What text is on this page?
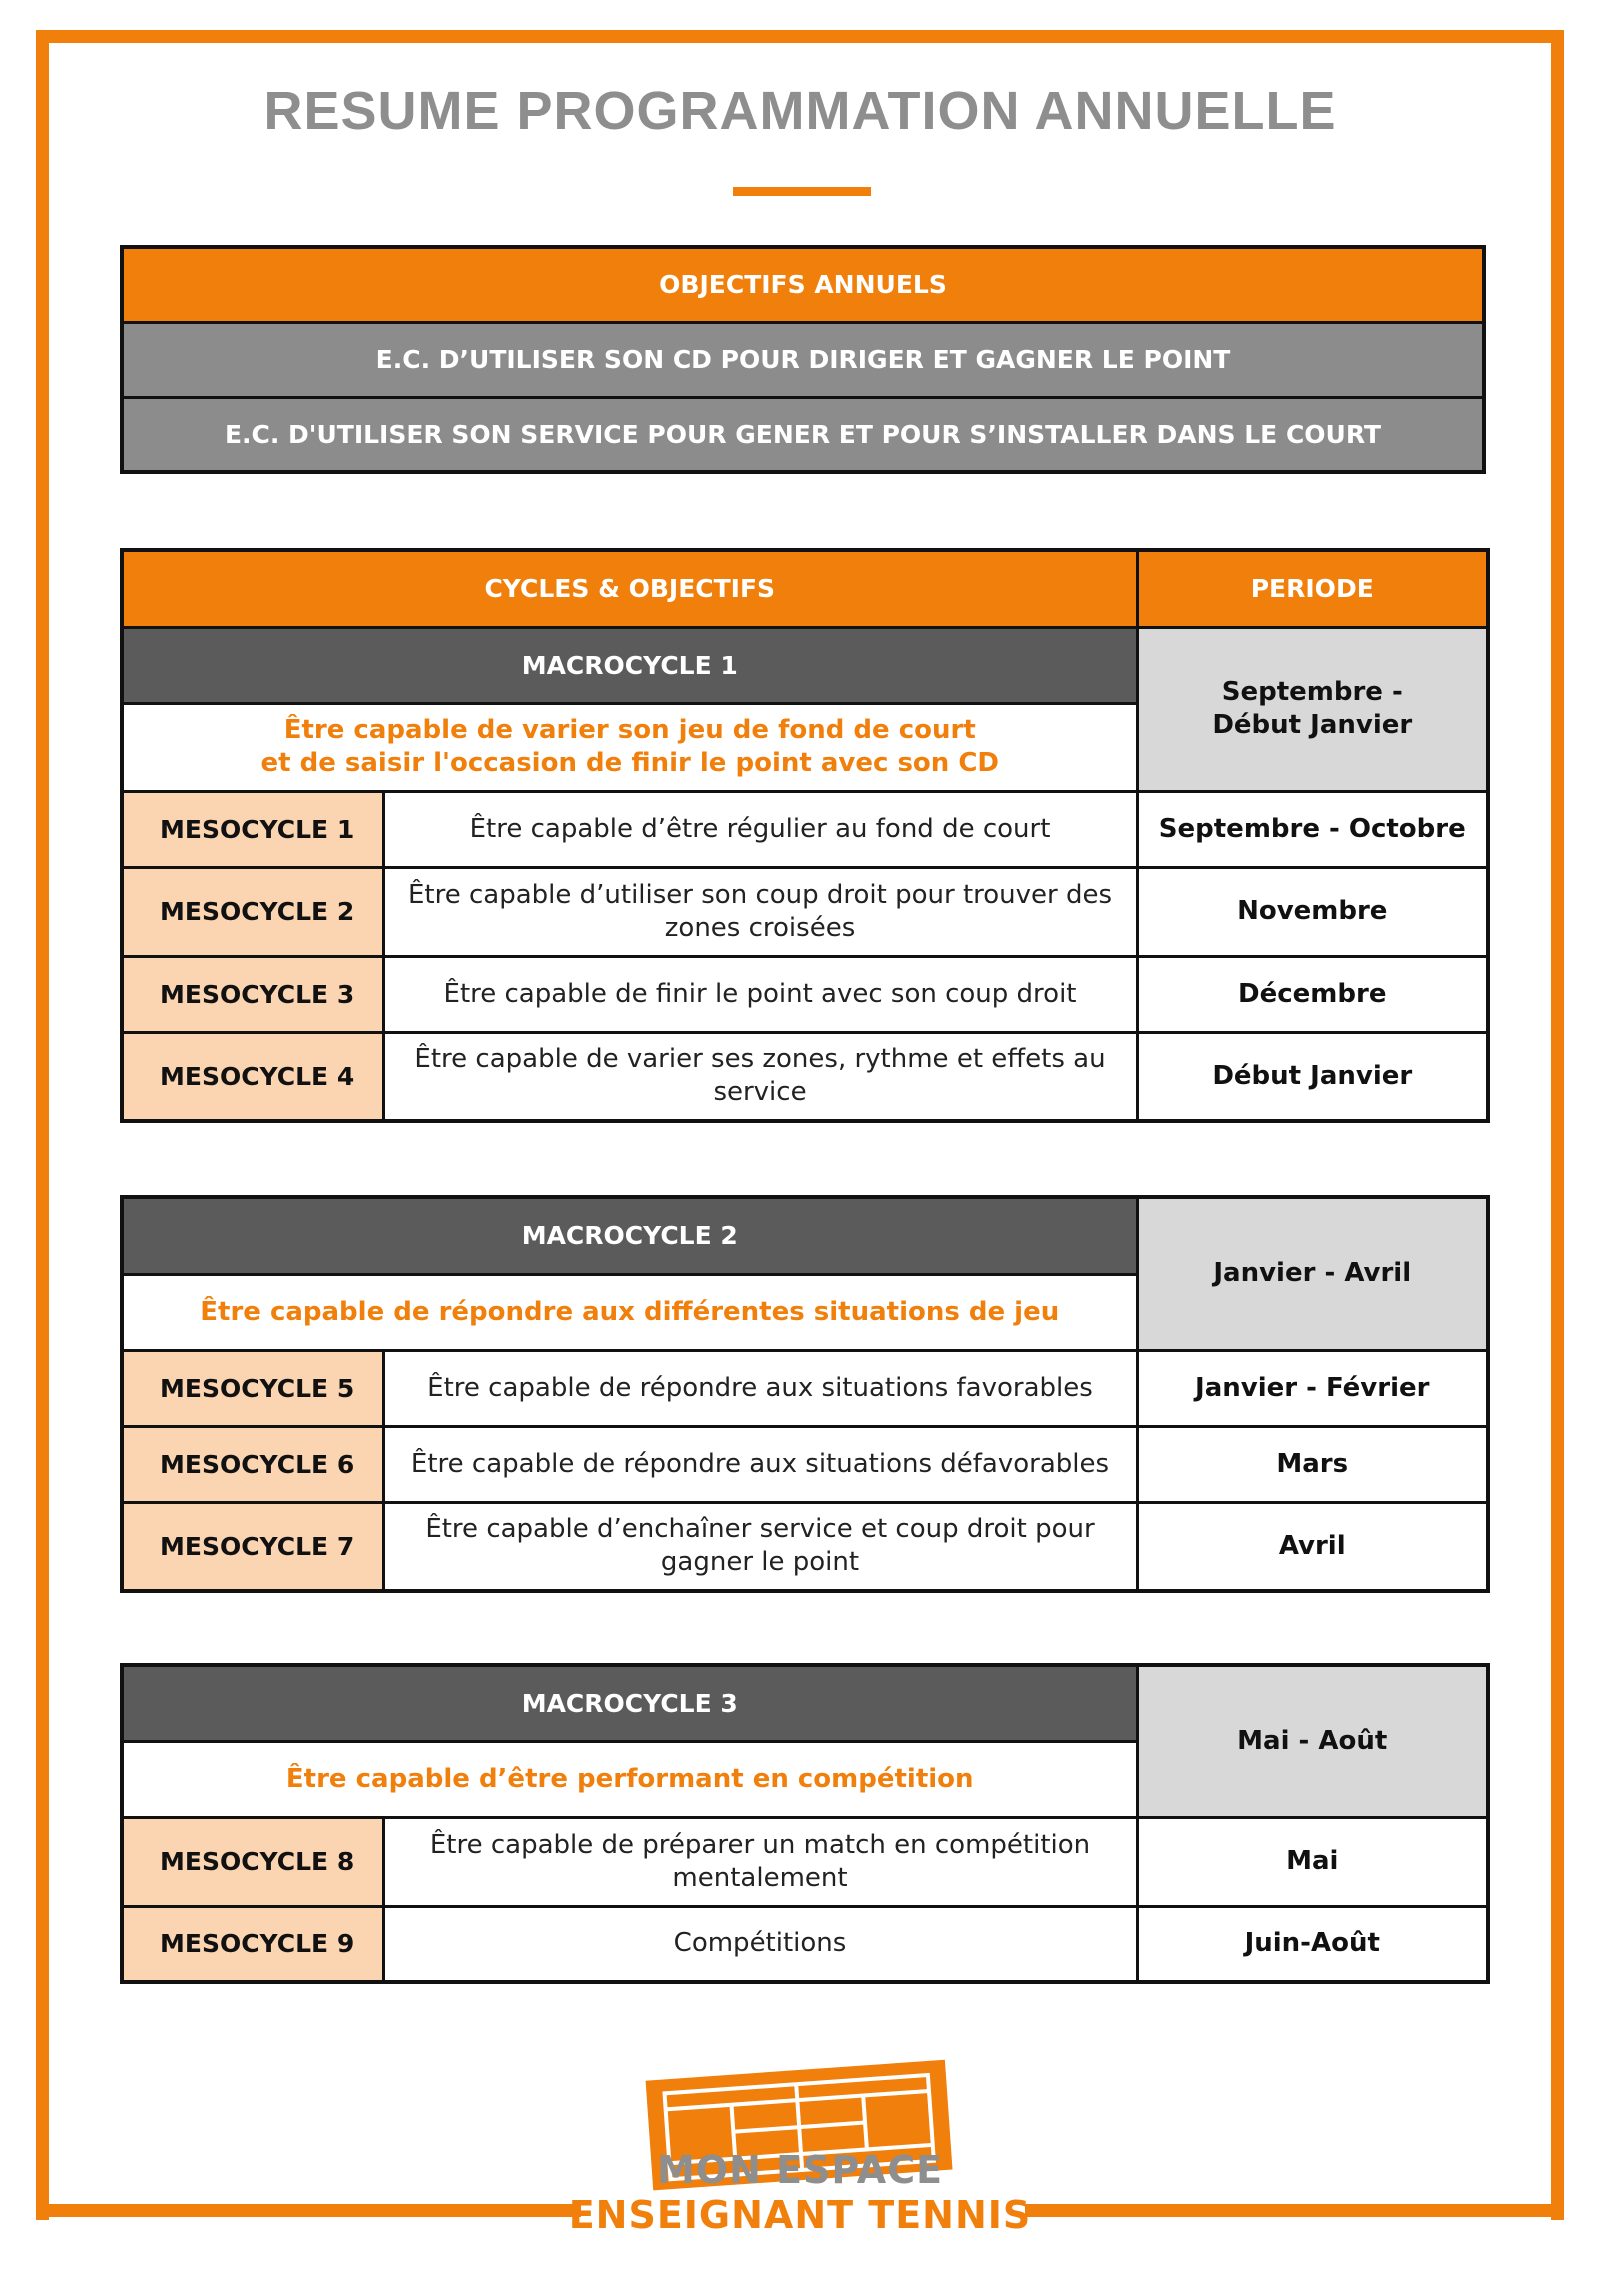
RESUME PROGRAMMATION ANNUELLE
OBJECTIFS ANNUELS
E.C. D’UTILISER SON CD POUR DIRIGER ET GAGNER LE POINT
E.C. D'UTILISER SON SERVICE POUR GENER ET POUR S’INSTALLER DANS LE COURT
CYCLES & OBJECTIFS		PERIODE
MACROCYCLE 1		Septembre -
Début Janvier

Être capable de varier son jeu de fond de court
et de saisir l'occasion de finir le point avec son CD		

MESOCYCLE 1	Être capable d’être régulier au fond de court	Septembre - Octobre
MESOCYCLE 2	Être capable d’utiliser son coup droit pour trouver des zones croisées	Novembre
MESOCYCLE 3	Être capable de finir le point avec son coup droit	Décembre
MESOCYCLE 4	Être capable de varier ses zones, rythme et effets au service	Début Janvier
MACROCYCLE 2		Janvier - Avril
Être capable de répondre aux différentes situations de jeu		
MESOCYCLE 5	Être capable de répondre aux situations favorables	Janvier - Février
MESOCYCLE 6	Être capable de répondre aux situations défavorables	Mars
MESOCYCLE 7	Être capable d’enchaîner service et coup droit pour gagner le point	Avril
MACROCYCLE 3		Mai - Août
Être capable d’être performant en compétition		
MESOCYCLE 8	Être capable de préparer un match en compétition mentalement	Mai
MESOCYCLE 9	Compétitions	Juin-Août
MON ESPACE
ENSEIGNANT TENNIS
